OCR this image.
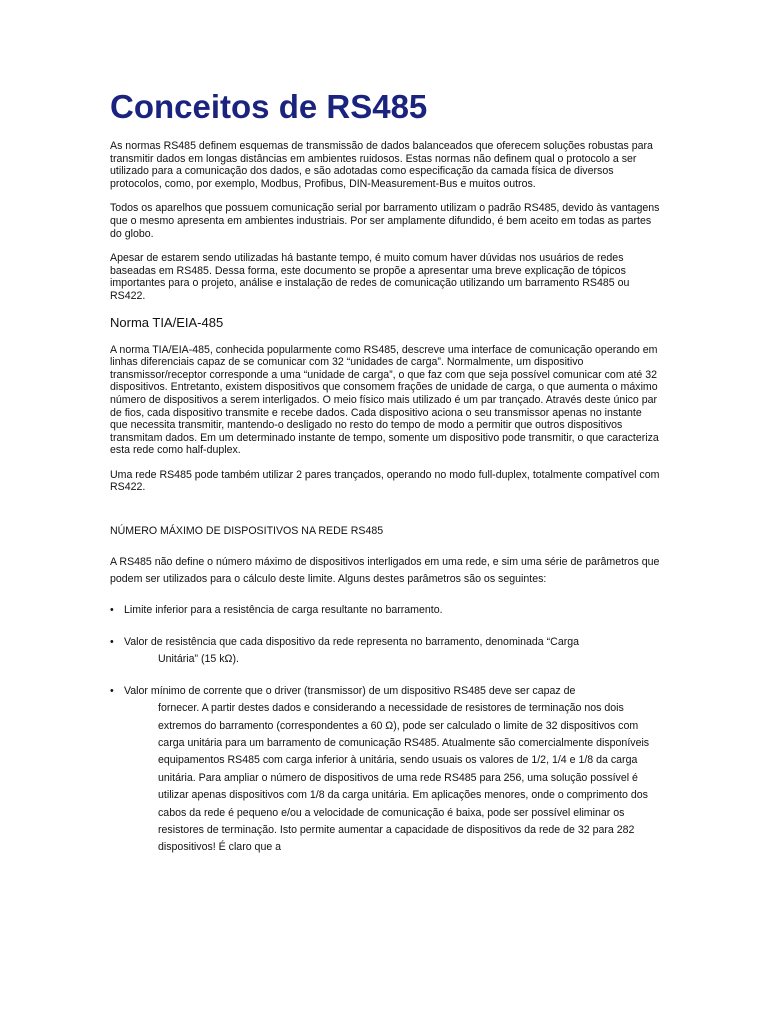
Conceitos de RS485

As normas RS485 definem esquemas de transmissão de dados balanceados que oferecem soluções robustas para transmitir dados em longas distâncias em ambientes ruidosos. Estas normas não definem qual o protocolo a ser utilizado para a comunicação dos dados, e são adotadas como especificação da camada física de diversos protocolos, como, por exemplo, Modbus, Profibus, DIN-Measurement-Bus e muitos outros.

Todos os aparelhos que possuem comunicação serial por barramento utilizam o padrão RS485, devido às vantagens que o mesmo apresenta em ambientes industriais. Por ser amplamente difundido, é bem aceito em todas as partes do globo.

Apesar de estarem sendo utilizadas há bastante tempo, é muito comum haver dúvidas nos usuários de redes baseadas em RS485. Dessa forma, este documento se propõe a apresentar uma breve explicação de tópicos importantes para o projeto, análise e instalação de redes de comunicação utilizando um barramento RS485 ou RS422.

Norma TIA/EIA-485

A norma TIA/EIA-485, conhecida popularmente como RS485, descreve uma interface de comunicação operando em linhas diferenciais capaz de se comunicar com 32 “unidades de carga”. Normalmente, um dispositivo transmissor/receptor corresponde a uma “unidade de carga”, o que faz com que seja possível comunicar com até 32 dispositivos. Entretanto, existem dispositivos que consomem frações de unidade de carga, o que aumenta o máximo número de dispositivos a serem interligados. O meio físico mais utilizado é um par trançado. Através deste único par de fios, cada dispositivo transmite e recebe dados. Cada dispositivo aciona o seu transmissor apenas no instante que necessita transmitir, mantendo-o desligado no resto do tempo de modo a permitir que outros dispositivos transmitam dados. Em um determinado instante de tempo, somente um dispositivo pode transmitir, o que caracteriza esta rede como half-duplex.

Uma rede RS485 pode também utilizar 2 pares trançados, operando no modo full-duplex, totalmente compatível com RS422.

NÚMERO MÁXIMO DE DISPOSITIVOS NA REDE RS485

A RS485 não define o número máximo de dispositivos interligados em uma rede, e sim uma série de parâmetros que podem ser utilizados para o cálculo deste limite. Alguns destes parâmetros são os seguintes:

• Limite inferior para a resistência de carga resultante no barramento.
• Valor de resistência que cada dispositivo da rede representa no barramento, denominada “Carga
Unitária” (15 kΩ).
• Valor mínimo de corrente que o driver (transmissor) de um dispositivo RS485 deve ser capaz de
fornecer. A partir destes dados e considerando a necessidade de resistores de terminação nos dois extremos do barramento (correspondentes a 60 Ω), pode ser calculado o limite de 32 dispositivos com carga unitária para um barramento de comunicação RS485. Atualmente são comercialmente disponíveis equipamentos RS485 com carga inferior à unitária, sendo usuais os valores de 1/2, 1/4 e 1/8 da carga unitária. Para ampliar o número de dispositivos de uma rede RS485 para 256, uma solução possível é utilizar apenas dispositivos com 1/8 da carga unitária. Em aplicações menores, onde o comprimento dos cabos da rede é pequeno e/ou a velocidade de comunicação é baixa, pode ser possível eliminar os resistores de terminação. Isto permite aumentar a capacidade de dispositivos da rede de 32 para 282 dispositivos! É claro que a
